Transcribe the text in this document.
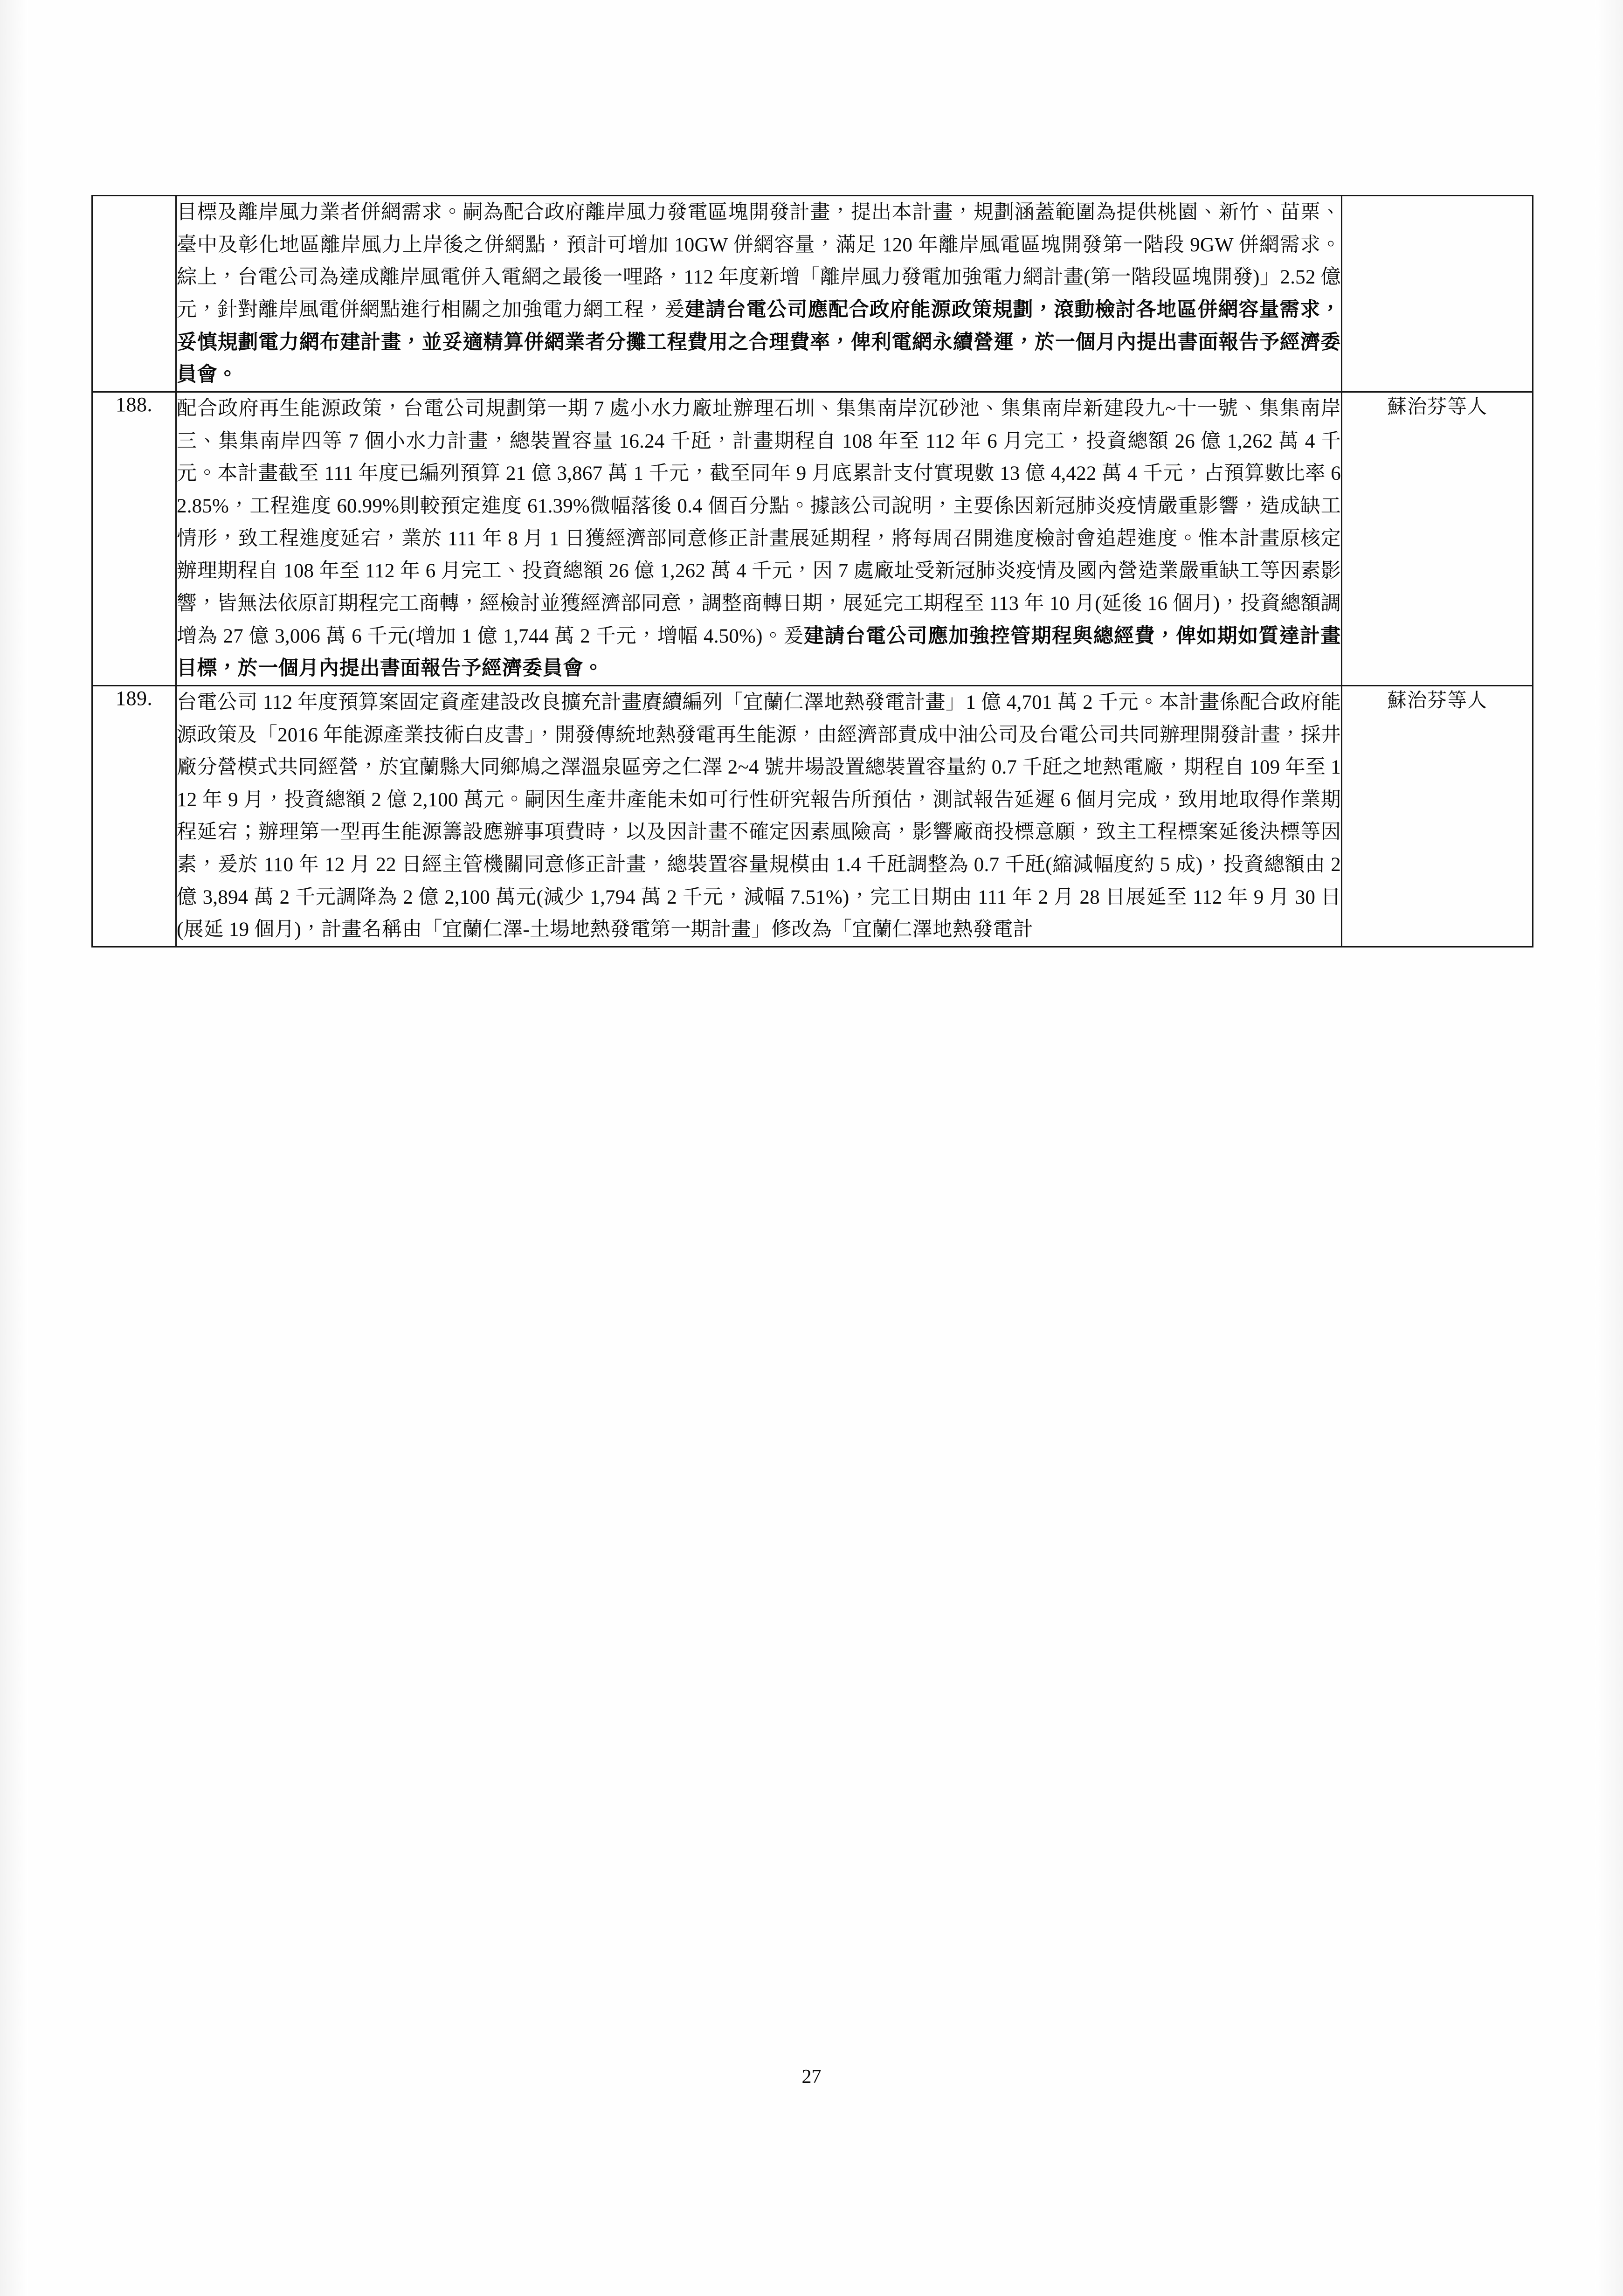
	目標及離岸風力業者併網需求。嗣為配合政府離岸風力發電區塊開發計畫，提出本計畫，規劃涵蓋範圍為提供桃園、新竹、苗栗、臺中及彰化地區離岸風力上岸後之併網點，預計可增加 10GW 併網容量，滿足 120 年離岸風電區塊開發第一階段 9GW 併網需求。綜上，台電公司為達成離岸風電併入電網之最後一哩路，112 年度新增「離岸風力發電加強電力網計畫(第一階段區塊開發)」2.52 億元，針對離岸風電併網點進行相關之加強電力網工程，爰建請台電公司應配合政府能源政策規劃，滾動檢討各地區併網容量需求，妥慎規劃電力網布建計畫，並妥適精算併網業者分攤工程費用之合理費率，俾利電網永續營運，於一個月內提出書面報告予經濟委員會。	

188.	配合政府再生能源政策，台電公司規劃第一期 7 處小水力廠址辦理石圳、集集南岸沉砂池、集集南岸新建段九~十一號、集集南岸三、集集南岸四等 7 個小水力計畫，總裝置容量 16.24 千瓩，計畫期程自 108 年至 112 年 6 月完工，投資總額 26 億 1,262 萬 4 千元。本計畫截至 111 年度已編列預算 21 億 3,867 萬 1 千元，截至同年 9 月底累計支付實現數 13 億 4,422 萬 4 千元，占預算數比率 62.85%，工程進度 60.99%則較預定進度 61.39%微幅落後 0.4 個百分點。據該公司說明，主要係因新冠肺炎疫情嚴重影響，造成缺工情形，致工程進度延宕，業於 111 年 8 月 1 日獲經濟部同意修正計畫展延期程，將每周召開進度檢討會追趕進度。惟本計畫原核定辦理期程自 108 年至 112 年 6 月完工、投資總額 26 億 1,262 萬 4 千元，因 7 處廠址受新冠肺炎疫情及國內營造業嚴重缺工等因素影響，皆無法依原訂期程完工商轉，經檢討並獲經濟部同意，調整商轉日期，展延完工期程至 113 年 10 月(延後 16 個月)，投資總額調增為 27 億 3,006 萬 6 千元(增加 1 億 1,744 萬 2 千元，增幅 4.50%)。爰建請台電公司應加強控管期程與總經費，俾如期如質達計畫目標，於一個月內提出書面報告予經濟委員會。	蘇治芬等人
189.	台電公司 112 年度預算案固定資產建設改良擴充計畫賡續編列「宜蘭仁澤地熱發電計畫」1 億 4,701 萬 2 千元。本計畫係配合政府能源政策及「2016 年能源產業技術白皮書」，開發傳統地熱發電再生能源，由經濟部責成中油公司及台電公司共同辦理開發計畫，採井廠分營模式共同經營，於宜蘭縣大同鄉鳩之澤溫泉區旁之仁澤 2~4 號井場設置總裝置容量約 0.7 千瓩之地熱電廠，期程自 109 年至 112 年 9 月，投資總額 2 億 2,100 萬元。嗣因生產井產能未如可行性研究報告所預估，測試報告延遲 6 個月完成，致用地取得作業期程延宕；辦理第一型再生能源籌設應辦事項費時，以及因計畫不確定因素風險高，影響廠商投標意願，致主工程標案延後決標等因素，爰於 110 年 12 月 22 日經主管機關同意修正計畫，總裝置容量規模由 1.4 千瓩調整為 0.7 千瓩(縮減幅度約 5 成)，投資總額由 2 億 3,894 萬 2 千元調降為 2 億 2,100 萬元(減少 1,794 萬 2 千元，減幅 7.51%)，完工日期由 111 年 2 月 28 日展延至 112 年 9 月 30 日(展延 19 個月)，計畫名稱由「宜蘭仁澤-土場地熱發電第一期計畫」修改為「宜蘭仁澤地熱發電計	蘇治芬等人
27
